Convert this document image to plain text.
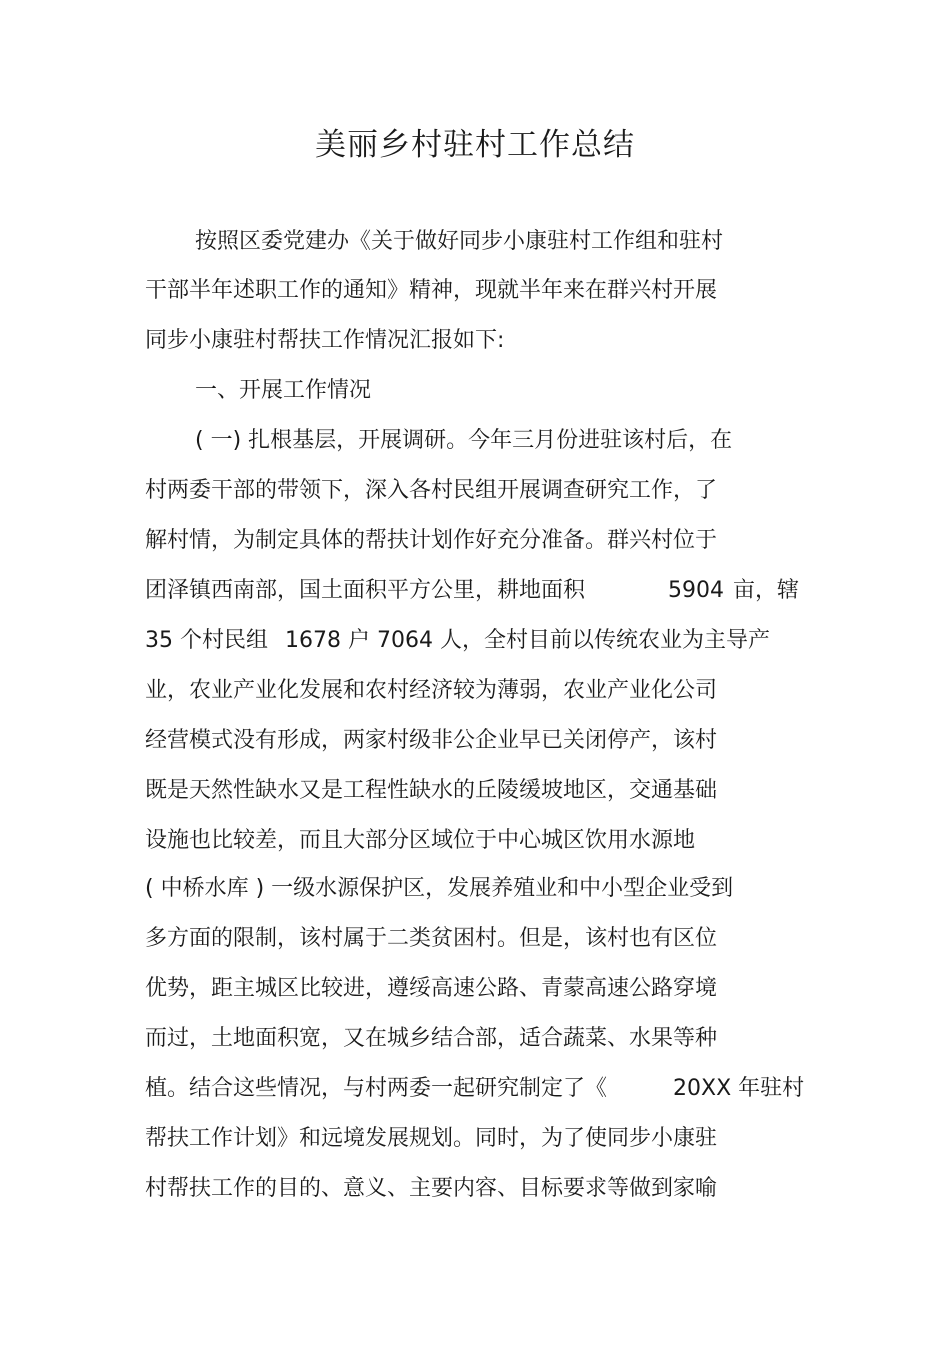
美丽乡村驻村工作总结
按照区委党建办《关于做好同步小康驻村工作组和驻村
干部半年述职工作的通知》精神，现就半年来在群兴村开展
同步小康驻村帮扶工作情况汇报如下:
一、开展工作情况
( 一) 扎根基层，开展调研。今年三月份进驻该村后，在
村两委干部的带领下，深入各村民组开展调查研究工作，了
解村情，为制定具体的帮扶计划作好充分准备。群兴村位于
团泽镇西南部，国土面积平方公里，耕地面积	5904 亩，辖
35 个村民组 1678 户 7064 人，全村目前以传统农业为主导产
业，农业产业化发展和农村经济较为薄弱，农业产业化公司
经营模式没有形成，两家村级非公企业早已关闭停产，该村
既是天然性缺水又是工程性缺水的丘陵缓坡地区，交通基础
设施也比较差，而且大部分区域位于中心城区饮用水源地
( 中桥水库 ) 一级水源保护区，发展养殖业和中小型企业受到
多方面的限制，该村属于二类贫困村。但是，该村也有区位
优势，距主城区比较进，遵绥高速公路、青蒙高速公路穿境
而过，土地面积宽，又在城乡结合部，适合蔬菜、水果等种
植。结合这些情况，与村两委一起研究制定了《	20XX 年驻村
帮扶工作计划》和远境发展规划。同时，为了使同步小康驻
村帮扶工作的目的、意义、主要内容、目标要求等做到家喻
